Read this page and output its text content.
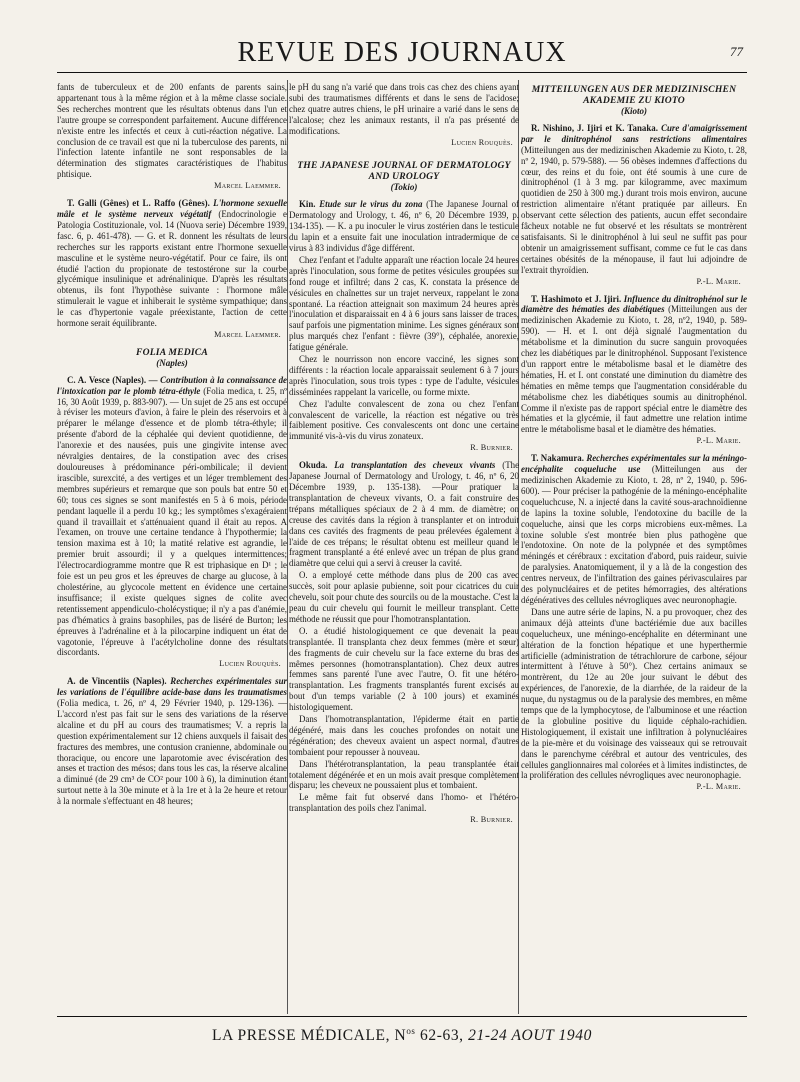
REVUE DES JOURNAUX	77

fants de tuberculeux et de 200 enfants de parents sains, appartenant tous à la même région et à la même classe sociale. Ses recherches montrent que les résultats obtenus dans l'un et l'autre groupe se correspondent parfaitement. Aucune différence n'existe entre les infectés et ceux à cuti-réaction négative. La conclusion de ce travail est que ni la tuberculose des parents, ni l'infection latente infantile ne sont responsables de la détermination des stigmates caractéristiques de l'habitus phtisique.

Marcel Laemmer.

T. Galli (Gênes) et L. Raffo (Gênes). L'hormone sexuelle mâle et le système nerveux végétatif (Endocrinologie e Patologia Costituzionale, vol. 14 (Nuova serie) Décembre 1939, fasc. 6, p. 461-478). — G. et R. donnent les résultats de leurs recherches sur les rapports existant entre l'hormone sexuelle masculine et le système neuro-végétatif. Pour ce faire, ils ont étudié l'action du propionate de testostérone sur la courbe glycémique insulinique et adrénalinique. D'après les résultats obtenus, ils font l'hypothèse suivante : l'hormone mâle stimulerait le vague et inhiberait le système sympathique; dans le cas d'hypertonie vagale préexistante, l'action de cette hormone serait équilibrante.

Marcel Laemmer.
FOLIA MEDICA
(Naples)

C. A. Vesce (Naples). — Contribution à la connaissance de l'intoxication par le plomb tétra-éthyle (Folia medica, t. 25, nº 16, 30 Août 1939, p. 883-907). — Un sujet de 25 ans est occupé à réviser les moteurs d'avion, à faire le plein des réservoirs et à préparer le mélange d'essence et de plomb tétra-éthyle; il présente d'abord de la céphalée qui devient quotidienne, de l'anorexie et des nausées, puis une gingivite intense avec névralgies dentaires, de la constipation avec des crises douloureuses à prédominance péri-ombilicale; il devient irascible, surexcité, a des vertiges et un léger tremblement des membres supérieurs et remarque que son pouls bat entre 50 et 60; tous ces signes se sont manifestés en 5 à 6 mois, période pendant laquelle il a perdu 10 kg.; les symptômes s'exagéraient quand il travaillait et s'atténuaient quand il était au repos. A l'examen, on trouve une certaine tendance à l'hypothermie; la tension maxima est à 10; la matité relative est agrandie, le premier bruit assourdi; il y a quelques intermittences; l'électrocardiogramme montre que R est triphasique en D¹ ; le foie est un peu gros et les épreuves de charge au glucose, à la cholestérine, au glycocole mettent en évidence une certaine insuffisance; il existe quelques signes de colite avec retentissement appendiculo-cholécystique; il n'y a pas d'anémie, pas d'hématics à grains basophiles, pas de liséré de Burton; les épreuves à l'adrénaline et à la pilocarpine indiquent un état de vagotonie, l'épreuve à l'acétylcholine donne des résultats discordants.

Lucien Rouquès.

A. de Vincentiis (Naples). Recherches expérimentales sur les variations de l'équilibre acide-base dans les traumatismes (Folia medica, t. 26, nº 4, 29 Février 1940, p. 129-136). — L'accord n'est pas fait sur le sens des variations de la réserve alcaline et du pH au cours des traumatismes; V. a repris la question expérimentalement sur 12 chiens auxquels il faisait des fractures des membres, une contusion cranienne, abdominale ou thoracique, ou encore une laparotomie avec éviscération des anses et traction des mésos; dans tous les cas, la réserve alcaline a diminué (de 29 cm³ de CO² pour 100 à 6), la diminution étant surtout nette à la 30e minute et à la 1re et à la 2e heure et retour à la normale s'effectuant en 48 heures;

le pH du sang n'a varié que dans trois cas chez des chiens ayant subi des traumatismes différents et dans le sens de l'acidose; chez quatre autres chiens, le pH urinaire a varié dans le sens de l'alcalose; chez les animaux restants, il n'a pas présenté de modifications.

Lucien Rouquès.
THE JAPANESE JOURNAL OF DERMATOLOGY AND UROLOGY
(Tokio)

Kin. Etude sur le virus du zona (The Japanese Journal of Dermatology and Urology, t. 46, nº 6, 20 Décembre 1939, p. 134-135). — K. a pu inoculer le virus zostérien dans le testicule du lapin et a ensuite fait une inoculation intradermique de ce virus à 83 individus d'âge différent.

Chez l'enfant et l'adulte apparaît une réaction locale 24 heures après l'inoculation, sous forme de petites vésicules groupées sur fond rouge et infiltré; dans 2 cas, K. constata la présence de vésicules en chaînettes sur un trajet nerveux, rappelant le zona spontané. La réaction atteignait son maximum 24 heures après l'inoculation et disparaissait en 4 à 6 jours sans laisser de traces, sauf parfois une pigmentation minime. Les signes généraux sont plus marqués chez l'enfant : fièvre (39°), céphalée, anorexie, fatigue générale.

Chez le nourrisson non encore vacciné, les signes sont différents : la réaction locale apparaissait seulement 6 à 7 jours après l'inoculation, sous trois types : type de l'adulte, vésicules disséminées rappelant la varicelle, ou forme mixte.

Chez l'adulte convalescent de zona ou chez l'enfant convalescent de varicelle, la réaction est négative ou très faiblement positive. Ces convalescents ont donc une certaine immunité vis-à-vis du virus zonateux.

R. Burnier.

Okuda. La transplantation des cheveux vivants (The Japanese Journal of Dermatology and Urology, t. 46, nº 6, 20 Décembre 1939, p. 135-138). —Pour pratiquer la transplantation de cheveux vivants, O. a fait construire des trépans métalliques spéciaux de 2 à 4 mm. de diamètre; on creuse des cavités dans la région à transplanter et on introduit dans ces cavités des fragments de peau prélevées également à l'aide de ces trépans; le résultat obtenu est meilleur quand le fragment transplanté a été enlevé avec un trépan de plus grand diamètre que celui qui a servi à creuser la cavité.

O. a employé cette méthode dans plus de 200 cas avec succès, soit pour aplasie pubienne, soit pour cicatrices du cuir chevelu, soit pour chute des sourcils ou de la moustache. C'est la peau du cuir chevelu qui fournit le meilleur transplant. Cette méthode ne réussit que pour l'homotransplantation.

O. a étudié histologiquement ce que devenait la peau transplantée. Il transplanta chez deux femmes (mère et sœur) des fragments de cuir chevelu sur la face externe du bras des mêmes personnes (homotransplantation). Chez deux autres femmes sans parenté l'une avec l'autre, O. fit une hétéro-transplantation. Les fragments transplantés furent excisés au bout d'un temps variable (2 à 100 jours) et examinés histologiquement.

Dans l'homotransplantation, l'épiderme était en partie dégénéré, mais dans les couches profondes on notait une régénération; des cheveux avaient un aspect normal, d'autres tombaient pour repousser à nouveau.

Dans l'hétérotransplantation, la peau transplantée était totalement dégénérée et en un mois avait presque complètement disparu; les cheveux ne poussaient plus et tombaient.

Le même fait fut observé dans l'homo- et l'hétéro-transplantation des poils chez l'animal.

R. Burnier.
MITTEILUNGEN AUS DER MEDIZINISCHEN AKADEMIE ZU KIOTO
(Kioto)

R. Nishino, J. Ijiri et K. Tanaka. Cure d'amaigrissement par le dinitrophénol sans restrictions alimentaires (Mitteilungen aus der medizinischen Akademie zu Kioto, t. 28, nº 2, 1940, p. 579-588). — 56 obèses indemnes d'affections du cœur, des reins et du foie, ont été soumis à une cure de dinitrophénol (1 à 3 mg. par kilogramme, avec maximum quotidien de 250 à 300 mg.) durant trois mois environ, aucune restriction alimentaire n'étant pratiquée par ailleurs. En observant cette sélection des patients, aucun effet secondaire fâcheux notable ne fut observé et les résultats se montrèrent satisfaisants. Si le dinitrophénol à lui seul ne suffit pas pour obtenir un amaigrissement suffisant, comme ce fut le cas dans certaines obésités de la ménopause, il faut lui adjoindre de l'extrait thyroïdien.

P.-L. Marie.

T. Hashimoto et J. Ijiri. Influence du dinitrophénol sur le diamètre des hématies des diabétiques (Mitteilungen aus der medizinischen Akademie zu Kioto, t. 28, nº2, 1940, p. 589-590). — H. et I. ont déjà signalé l'augmentation du métabolisme et la diminution du sucre sanguin provoquées chez les diabétiques par le dinitrophénol. Supposant l'existence d'un rapport entre le métabolisme basal et le diamètre des hématies, H. et I. ont constaté une diminution du diamètre des hématies en même temps que l'augmentation considérable du métabolisme chez les diabétiques soumis au dinitrophénol. Comme il n'existe pas de rapport spécial entre le diamètre des hématies et la glycémie, il faut admettre une relation intime entre le métabolisme basal et le diamètre des hématies.

P.-L. Marie.

T. Nakamura. Recherches expérimentales sur la méningo-encéphalite coqueluche use (Mitteilungen aus der medizinischen Akademie zu Kioto, t. 28, nº 2, 1940, p. 596-600). — Pour préciser la pathogénie de la méningo-encéphalite coqueluchcuse, N. a injecté dans la cavité sous-arachnoïdienne de lapins la toxine soluble, l'endotoxine du bacille de la coqueluche, ainsi que les corps microbiens eux-mêmes. La toxine soluble s'est montrée bien plus pathogène que l'endotoxine. On note de la polypnée et des symptômes méningés et cérébraux : excitation d'abord, puis raideur, suivie de paralysies. Anatomiquement, il y a là de la congestion des centres nerveux, de l'infiltration des gaines périvasculaires par des polynucléaires et de petites hémorragies, des altérations dégénératives des cellules névrogliques avec neuronophagie.

Dans une autre série de lapins, N. a pu provoquer, chez des animaux déjà atteints d'une bactériémie due aux bacilles coquelucheux, une méningo-encéphalite en déterminant une altération de la fonction hépatique et une hyperthermie artificielle (administration de tétrachlorure de carbone, séjour intermittent à l'étuve à 50°). Chez certains animaux se montrèrent, du 12e au 20e jour suivant le début des expériences, de l'anorexie, de la diarrhée, de la raideur de la nuque, du nystagmus ou de la paralysie des membres, en même temps que de la lymphocytose, de l'albuminose et une réaction de la globuline positive du liquide céphalo-rachidien. Histologiquement, il existait une infiltration à polynucléaires de la pie-mère et du voisinage des vaisseaux qui se retrouvait dans le parenchyme cérébral et autour des ventricules, des cellules ganglionnaires mal colorées et à limites indistinctes, de la prolifération des cellules névrogliques avec neuronophagie.

P.-L. Marie.
LA PRESSE MÉDICALE, $N^{os}$ 62-63, 21-24 AOUT 1940
